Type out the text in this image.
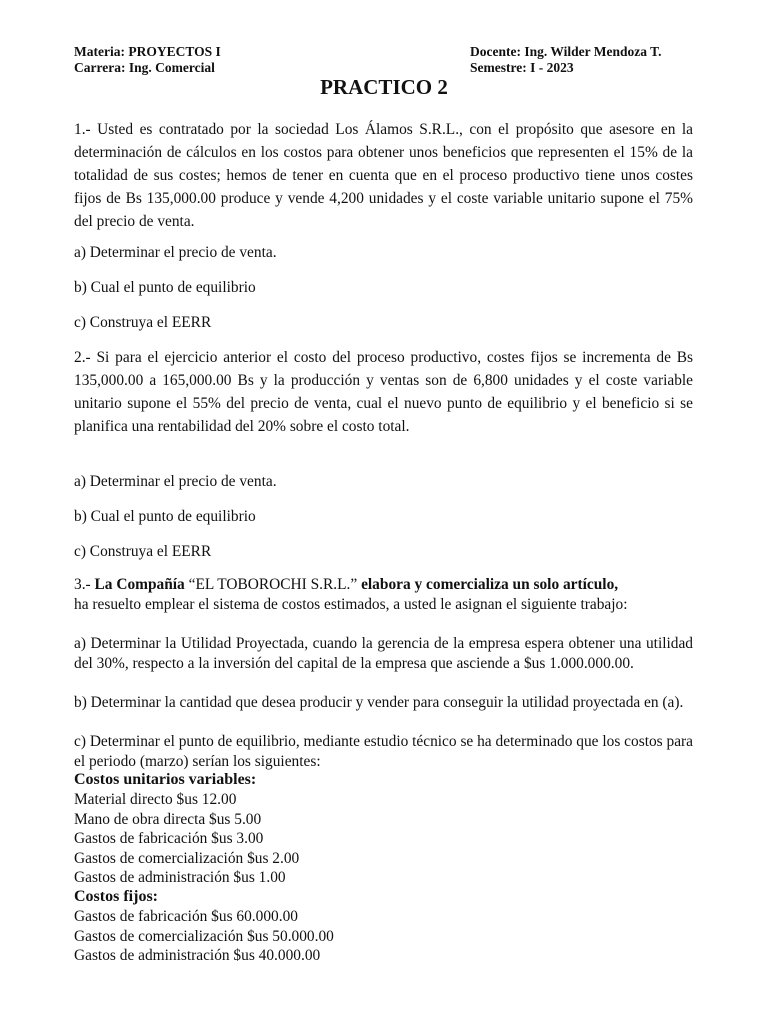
Materia: PROYECTOS I
Carrera: Ing. Comercial
Docente: Ing. Wilder Mendoza T.
Semestre: I - 2023
PRACTICO 2

1.- Usted es contratado por la sociedad Los Álamos S.R.L., con el propósito que asesore en la determinación de cálculos en los costos para obtener unos beneficios que representen el 15% de la totalidad de sus costes; hemos de tener en cuenta que en el proceso productivo tiene unos costes fijos de Bs 135,000.00 produce y vende 4,200 unidades y el coste variable unitario supone el 75% del precio de venta.

a) Determinar el precio de venta.

b) Cual el punto de equilibrio

c) Construya el EERR

2.- Si para el ejercicio anterior el costo del proceso productivo, costes fijos se incrementa de Bs 135,000.00 a 165,000.00 Bs y la producción y ventas son de 6,800 unidades y el coste variable unitario supone el 55% del precio de venta, cual el nuevo punto de equilibrio y el beneficio si se planifica una rentabilidad del 20% sobre el costo total.

a) Determinar el precio de venta.

b) Cual el punto de equilibrio

c) Construya el EERR

3.- La Compañía “EL TOBOROCHI S.R.L.” elabora y comercializa un solo artículo,

ha resuelto emplear el sistema de costos estimados, a usted le asignan el siguiente trabajo:

a) Determinar la Utilidad Proyectada, cuando la gerencia de la empresa espera obtener una utilidad del 30%, respecto a la inversión del capital de la empresa que asciende a $us 1.000.000.00.

b) Determinar la cantidad que desea producir y vender para conseguir la utilidad proyectada en (a).

c) Determinar el punto de equilibrio, mediante estudio técnico se ha determinado que los costos para el periodo (marzo) serían los siguientes:

Costos unitarios variables:

Material directo $us 12.00

Mano de obra directa $us 5.00

Gastos de fabricación $us 3.00

Gastos de comercialización $us 2.00

Gastos de administración $us 1.00

Costos fijos:

Gastos de fabricación $us 60.000.00

Gastos de comercialización $us 50.000.00

Gastos de administración $us 40.000.00
